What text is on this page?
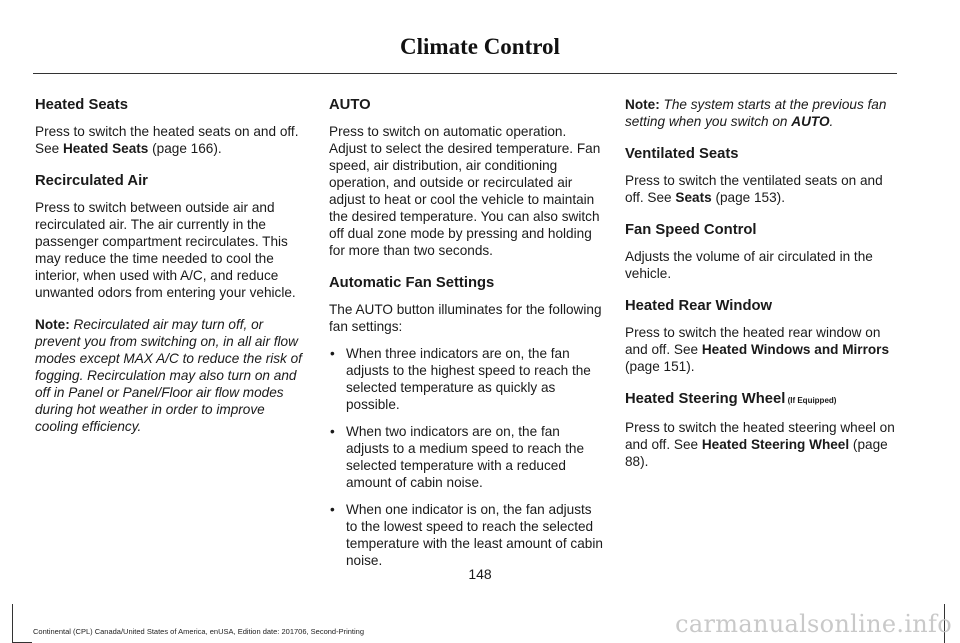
Climate Control
Heated Seats

Press to switch the heated seats on and off. See Heated Seats (page 166).

Recirculated Air

Press to switch between outside air and recirculated air. The air currently in the passenger compartment recirculates. This may reduce the time needed to cool the interior, when used with A/C, and reduce unwanted odors from entering your vehicle.

Note: Recirculated air may turn off, or prevent you from switching on, in all air flow modes except MAX A/C to reduce the risk of fogging. Recirculation may also turn on and off in Panel or Panel/Floor air flow modes during hot weather in order to improve cooling efficiency.

AUTO

Press to switch on automatic operation. Adjust to select the desired temperature. Fan speed, air distribution, air conditioning operation, and outside or recirculated air adjust to heat or cool the vehicle to maintain the desired temperature. You can also switch off dual zone mode by pressing and holding for more than two seconds.

Automatic Fan Settings

The AUTO button illuminates for the following fan settings:

• When three indicators are on, the fan adjusts to the highest speed to reach the selected temperature as quickly as possible.
• When two indicators are on, the fan adjusts to a medium speed to reach the selected temperature with a reduced amount of cabin noise.
• When one indicator is on, the fan adjusts to the lowest speed to reach the selected temperature with the least amount of cabin noise.

Note: The system starts at the previous fan setting when you switch on AUTO.

Ventilated Seats

Press to switch the ventilated seats on and off. See Seats (page 153).

Fan Speed Control

Adjusts the volume of air circulated in the vehicle.

Heated Rear Window

Press to switch the heated rear window on and off. See Heated Windows and Mirrors (page 151).

Heated Steering Wheel (If Equipped)

Press to switch the heated steering wheel on and off. See Heated Steering Wheel (page 88).

148
Continental (CPL) Canada/United States of America, enUSA, Edition date: 201706, Second-Printing	carmanualsonline.info
